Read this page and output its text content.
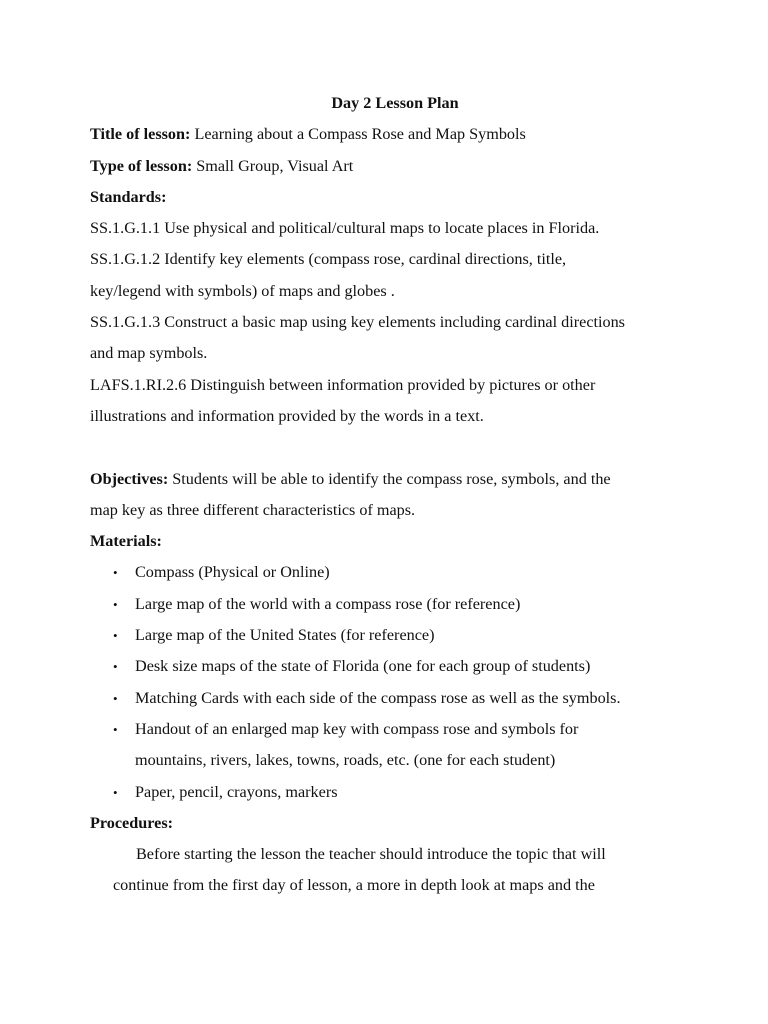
Day 2 Lesson Plan
Title of lesson: Learning about a Compass Rose and Map Symbols
Type of lesson: Small Group, Visual Art
Standards:
SS.1.G.1.1 Use physical and political/cultural maps to locate places in Florida.
SS.1.G.1.2 Identify key elements (compass rose, cardinal directions, title,
key/legend with symbols) of maps and globes .
SS.1.G.1.3 Construct a basic map using key elements including cardinal directions
and map symbols.
LAFS.1.RI.2.6 Distinguish between information provided by pictures or other
illustrations and information provided by the words in a text.
Objectives: Students will be able to identify the compass rose, symbols, and the
map key as three different characteristics of maps.
Materials:
• Compass (Physical or Online)
• Large map of the world with a compass rose (for reference)
• Large map of the United States (for reference)
• Desk size maps of the state of Florida (one for each group of students)
• Matching Cards with each side of the compass rose as well as the symbols.
• Handout of an enlarged map key with compass rose and symbols for
mountains, rivers, lakes, towns, roads, etc. (one for each student)
• Paper, pencil, crayons, markers
Procedures:
Before starting the lesson the teacher should introduce the topic that will
continue from the first day of lesson, a more in depth look at maps and the
